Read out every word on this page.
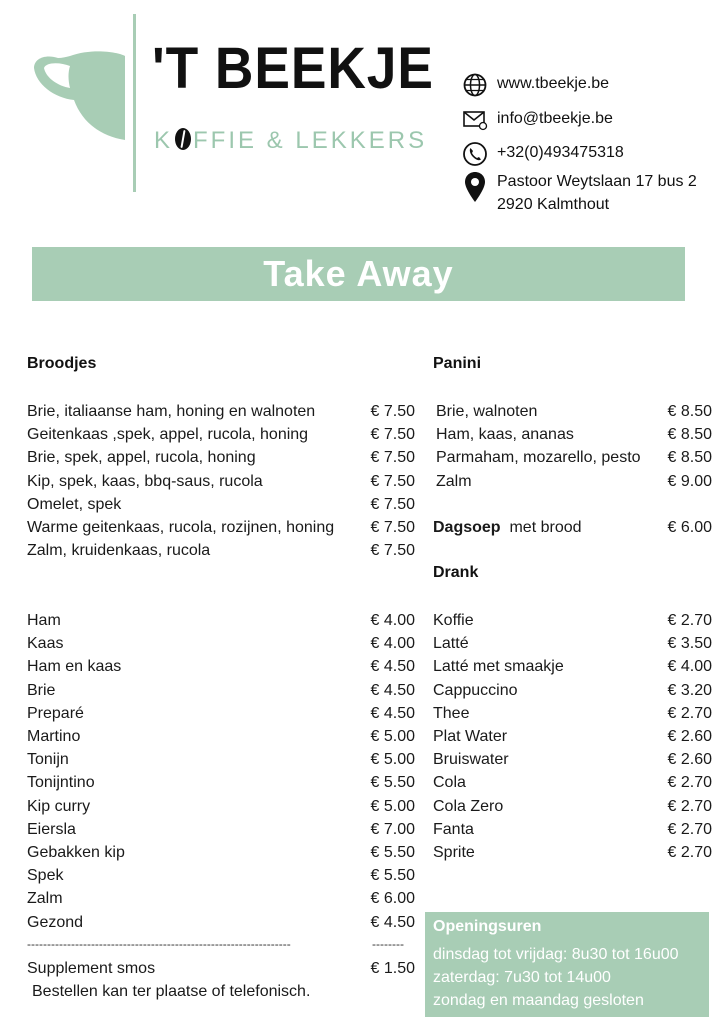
'T BEEKJE
K FFIE & LEKKERS
www.tbeekje.be
info@tbeekje.be
+32(0)493475318
Pastoor Weytslaan 17 bus 2
2920 Kalmthout
Take Away
Broodjes
Brie, italiaanse ham, honing en walnoten	€ 7.50
Geitenkaas ,spek, appel, rucola, honing	€ 7.50
Brie, spek, appel, rucola, honing	€ 7.50
Kip, spek, kaas, bbq-saus, rucola	€ 7.50
Omelet, spek	€ 7.50
Warme geitenkaas, rucola, rozijnen, honing € 7.50
Zalm, kruidenkaas, rucola	€ 7.50
Ham	€ 4.00
Kaas	€ 4.00
Ham en kaas	€ 4.50
Brie	€ 4.50
Preparé	€ 4.50
Martino	€ 5.00
Tonijn	€ 5.00
Tonijntino	€ 5.50
Kip curry	€ 5.00
Eiersla	€ 7.00
Gebakken kip	€ 5.50
Spek	€ 5.50
Zalm	€ 6.00
Gezond	€ 4.50
------------------------------------------------------------------	--------
Supplement smos	€ 1.50
Bestellen kan ter plaatse of telefonisch.
Panini
Brie, walnoten	€ 8.50
Ham, kaas, ananas	€ 8.50
Parmaham, mozarello, pesto € 8.50
Zalm	€ 9.00
Dagsoep met brood	€ 6.00
Drank
Koffie	€ 2.70
Latté	€ 3.50
Latté met smaakje	€ 4.00
Cappuccino	€ 3.20
Thee	€ 2.70
Plat Water	€ 2.60
Bruiswater	€ 2.60
Cola	€ 2.70
Cola Zero	€ 2.70
Fanta	€ 2.70
Sprite	€ 2.70
Openingsuren
dinsdag tot vrijdag: 8u30 tot 16u00
zaterdag: 7u30 tot 14u00
zondag en maandag gesloten
